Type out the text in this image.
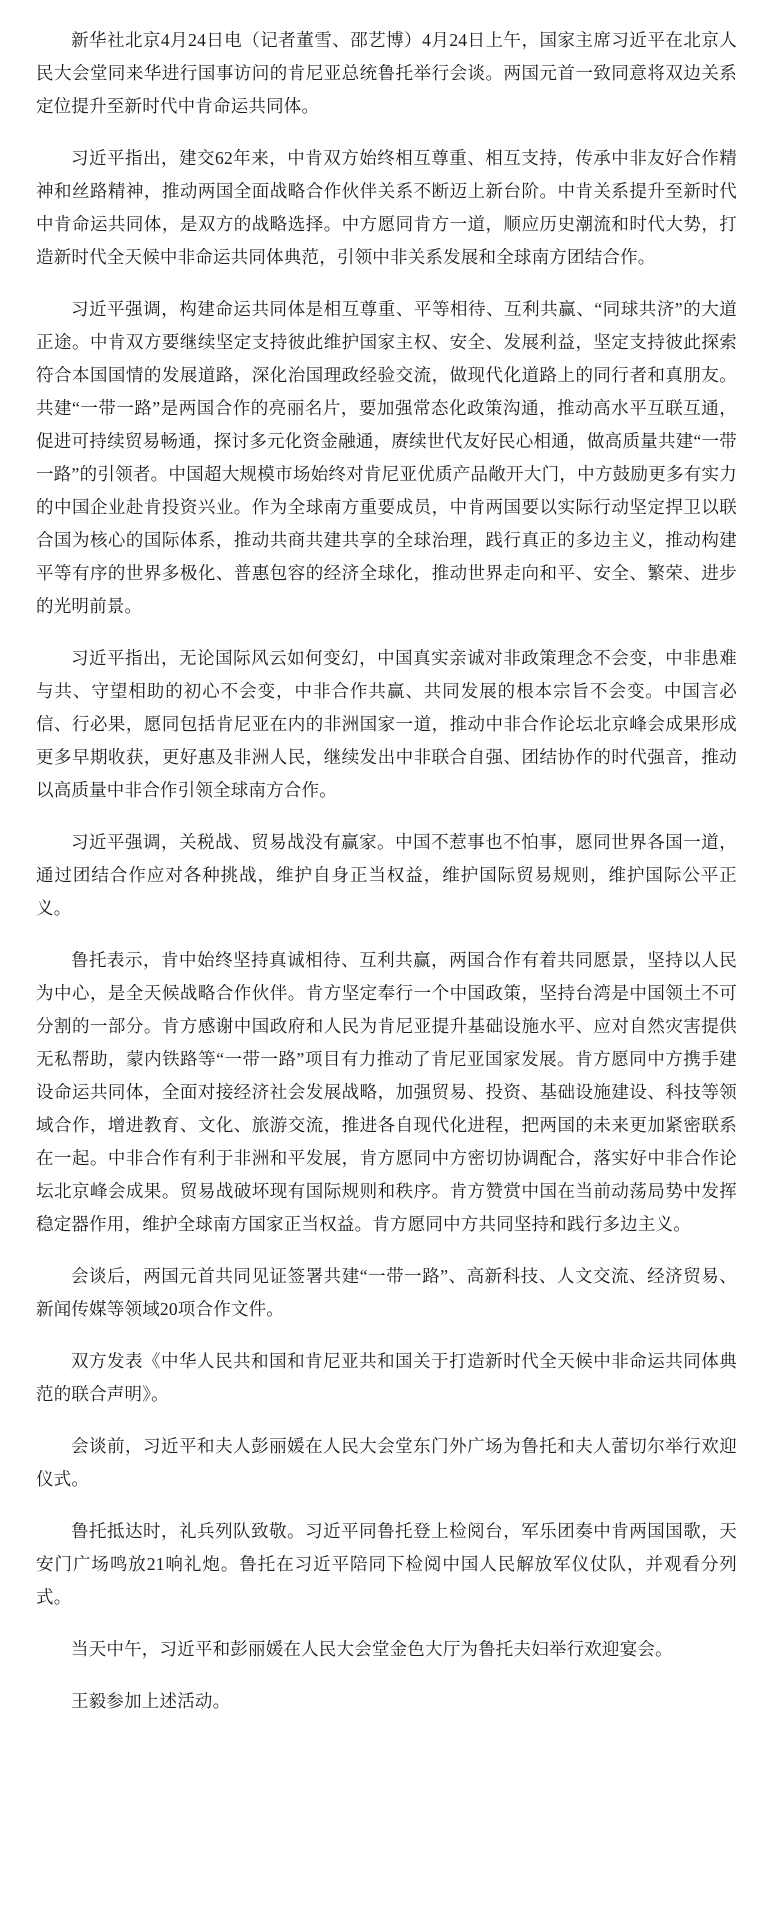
新华社北京4月24日电（记者董雪、邵艺博）4月24日上午，国家主席习近平在北京人民大会堂同来华进行国事访问的肯尼亚总统鲁托举行会谈。两国元首一致同意将双边关系定位提升至新时代中肯命运共同体。

习近平指出，建交62年来，中肯双方始终相互尊重、相互支持，传承中非友好合作精神和丝路精神，推动两国全面战略合作伙伴关系不断迈上新台阶。中肯关系提升至新时代中肯命运共同体，是双方的战略选择。中方愿同肯方一道，顺应历史潮流和时代大势，打造新时代全天候中非命运共同体典范，引领中非关系发展和全球南方团结合作。

习近平强调，构建命运共同体是相互尊重、平等相待、互利共赢、“同球共济”的大道正途。中肯双方要继续坚定支持彼此维护国家主权、安全、发展利益，坚定支持彼此探索符合本国国情的发展道路，深化治国理政经验交流，做现代化道路上的同行者和真朋友。共建“一带一路”是两国合作的亮丽名片，要加强常态化政策沟通，推动高水平互联互通，促进可持续贸易畅通，探讨多元化资金融通，赓续世代友好民心相通，做高质量共建“一带一路”的引领者。中国超大规模市场始终对肯尼亚优质产品敞开大门，中方鼓励更多有实力的中国企业赴肯投资兴业。作为全球南方重要成员，中肯两国要以实际行动坚定捍卫以联合国为核心的国际体系，推动共商共建共享的全球治理，践行真正的多边主义，推动构建平等有序的世界多极化、普惠包容的经济全球化，推动世界走向和平、安全、繁荣、进步的光明前景。

习近平指出，无论国际风云如何变幻，中国真实亲诚对非政策理念不会变，中非患难与共、守望相助的初心不会变，中非合作共赢、共同发展的根本宗旨不会变。中国言必信、行必果，愿同包括肯尼亚在内的非洲国家一道，推动中非合作论坛北京峰会成果形成更多早期收获，更好惠及非洲人民，继续发出中非联合自强、团结协作的时代强音，推动以高质量中非合作引领全球南方合作。

习近平强调，关税战、贸易战没有赢家。中国不惹事也不怕事，愿同世界各国一道，通过团结合作应对各种挑战，维护自身正当权益，维护国际贸易规则，维护国际公平正义。

鲁托表示，肯中始终坚持真诚相待、互利共赢，两国合作有着共同愿景，坚持以人民为中心，是全天候战略合作伙伴。肯方坚定奉行一个中国政策，坚持台湾是中国领土不可分割的一部分。肯方感谢中国政府和人民为肯尼亚提升基础设施水平、应对自然灾害提供无私帮助，蒙内铁路等“一带一路”项目有力推动了肯尼亚国家发展。肯方愿同中方携手建设命运共同体，全面对接经济社会发展战略，加强贸易、投资、基础设施建设、科技等领域合作，增进教育、文化、旅游交流，推进各自现代化进程，把两国的未来更加紧密联系在一起。中非合作有利于非洲和平发展，肯方愿同中方密切协调配合，落实好中非合作论坛北京峰会成果。贸易战破坏现有国际规则和秩序。肯方赞赏中国在当前动荡局势中发挥稳定器作用，维护全球南方国家正当权益。肯方愿同中方共同坚持和践行多边主义。

会谈后，两国元首共同见证签署共建“一带一路”、高新科技、人文交流、经济贸易、新闻传媒等领域20项合作文件。

双方发表《中华人民共和国和肯尼亚共和国关于打造新时代全天候中非命运共同体典范的联合声明》。

会谈前，习近平和夫人彭丽媛在人民大会堂东门外广场为鲁托和夫人蕾切尔举行欢迎仪式。

鲁托抵达时，礼兵列队致敬。习近平同鲁托登上检阅台，军乐团奏中肯两国国歌，天安门广场鸣放21响礼炮。鲁托在习近平陪同下检阅中国人民解放军仪仗队，并观看分列式。

当天中午，习近平和彭丽媛在人民大会堂金色大厅为鲁托夫妇举行欢迎宴会。

王毅参加上述活动。
